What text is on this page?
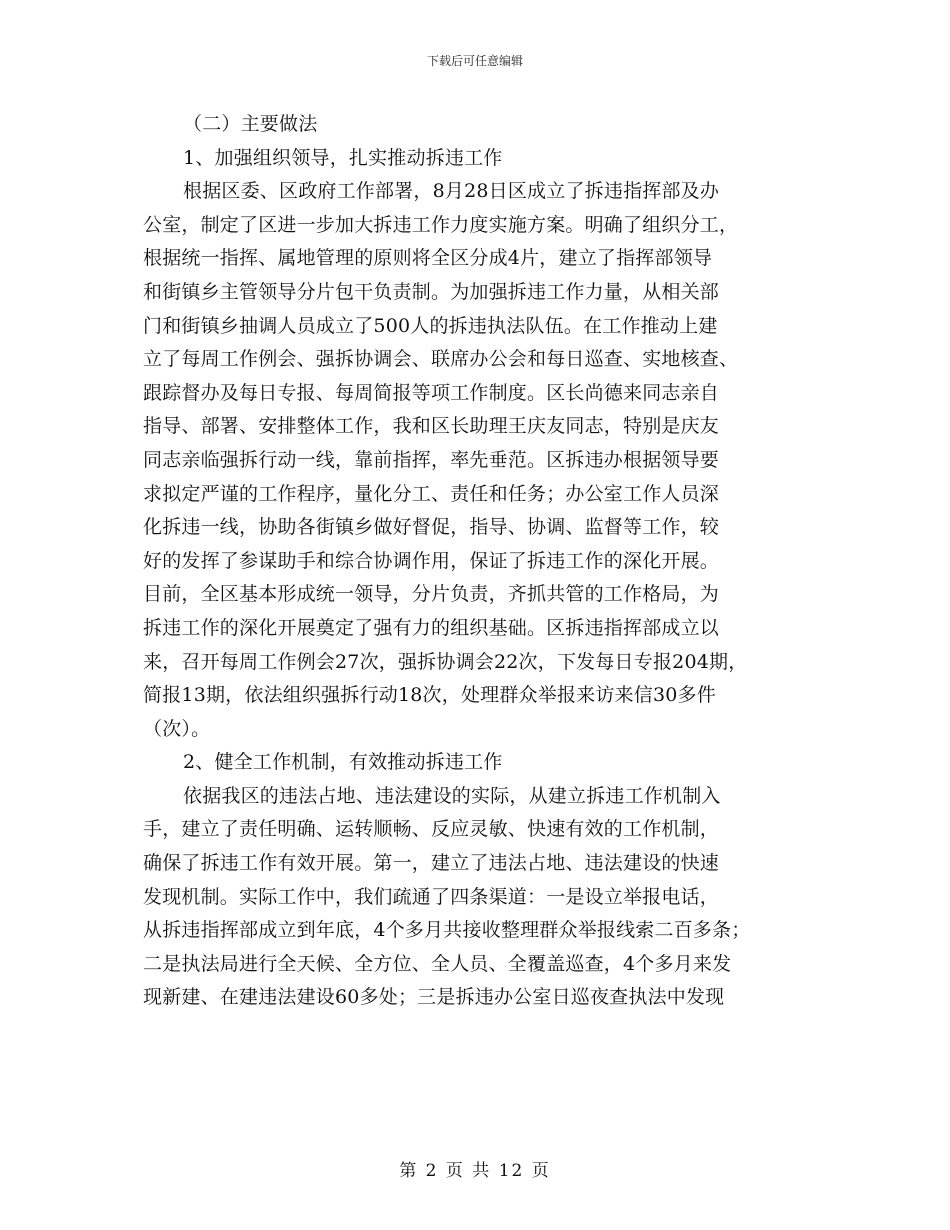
下载后可任意编辑
（二）主要做法
1、加强组织领导，扎实推动拆违工作
根据区委、区政府工作部署，8月28日区成立了拆违指挥部及办
公室，制定了区进一步加大拆违工作力度实施方案。明确了组织分工，
根据统一指挥、属地管理的原则将全区分成4片，建立了指挥部领导
和街镇乡主管领导分片包干负责制。为加强拆违工作力量，从相关部
门和街镇乡抽调人员成立了500人的拆违执法队伍。在工作推动上建
立了每周工作例会、强拆协调会、联席办公会和每日巡查、实地核查、
跟踪督办及每日专报、每周简报等项工作制度。区长尚德来同志亲自
指导、部署、安排整体工作，我和区长助理王庆友同志，特别是庆友
同志亲临强拆行动一线，靠前指挥，率先垂范。区拆违办根据领导要
求拟定严谨的工作程序，量化分工、责任和任务；办公室工作人员深
化拆违一线，协助各街镇乡做好督促，指导、协调、监督等工作，较
好的发挥了参谋助手和综合协调作用，保证了拆违工作的深化开展。
目前，全区基本形成统一领导，分片负责，齐抓共管的工作格局，为
拆违工作的深化开展奠定了强有力的组织基础。区拆违指挥部成立以
来，召开每周工作例会27次，强拆协调会22次，下发每日专报204期，
简报13期，依法组织强拆行动18次，处理群众举报来访来信30多件
（次）。
2、健全工作机制，有效推动拆违工作
依据我区的违法占地、违法建设的实际，从建立拆违工作机制入
手，建立了责任明确、运转顺畅、反应灵敏、快速有效的工作机制，
确保了拆违工作有效开展。第一，建立了违法占地、违法建设的快速
发现机制。实际工作中，我们疏通了四条渠道：一是设立举报电话，
从拆违指挥部成立到年底，4个多月共接收整理群众举报线索二百多条；
二是执法局进行全天候、全方位、全人员、全覆盖巡查，4个多月来发
现新建、在建违法建设60多处；三是拆违办公室日巡夜查执法中发现
第 2 页 共 12 页
